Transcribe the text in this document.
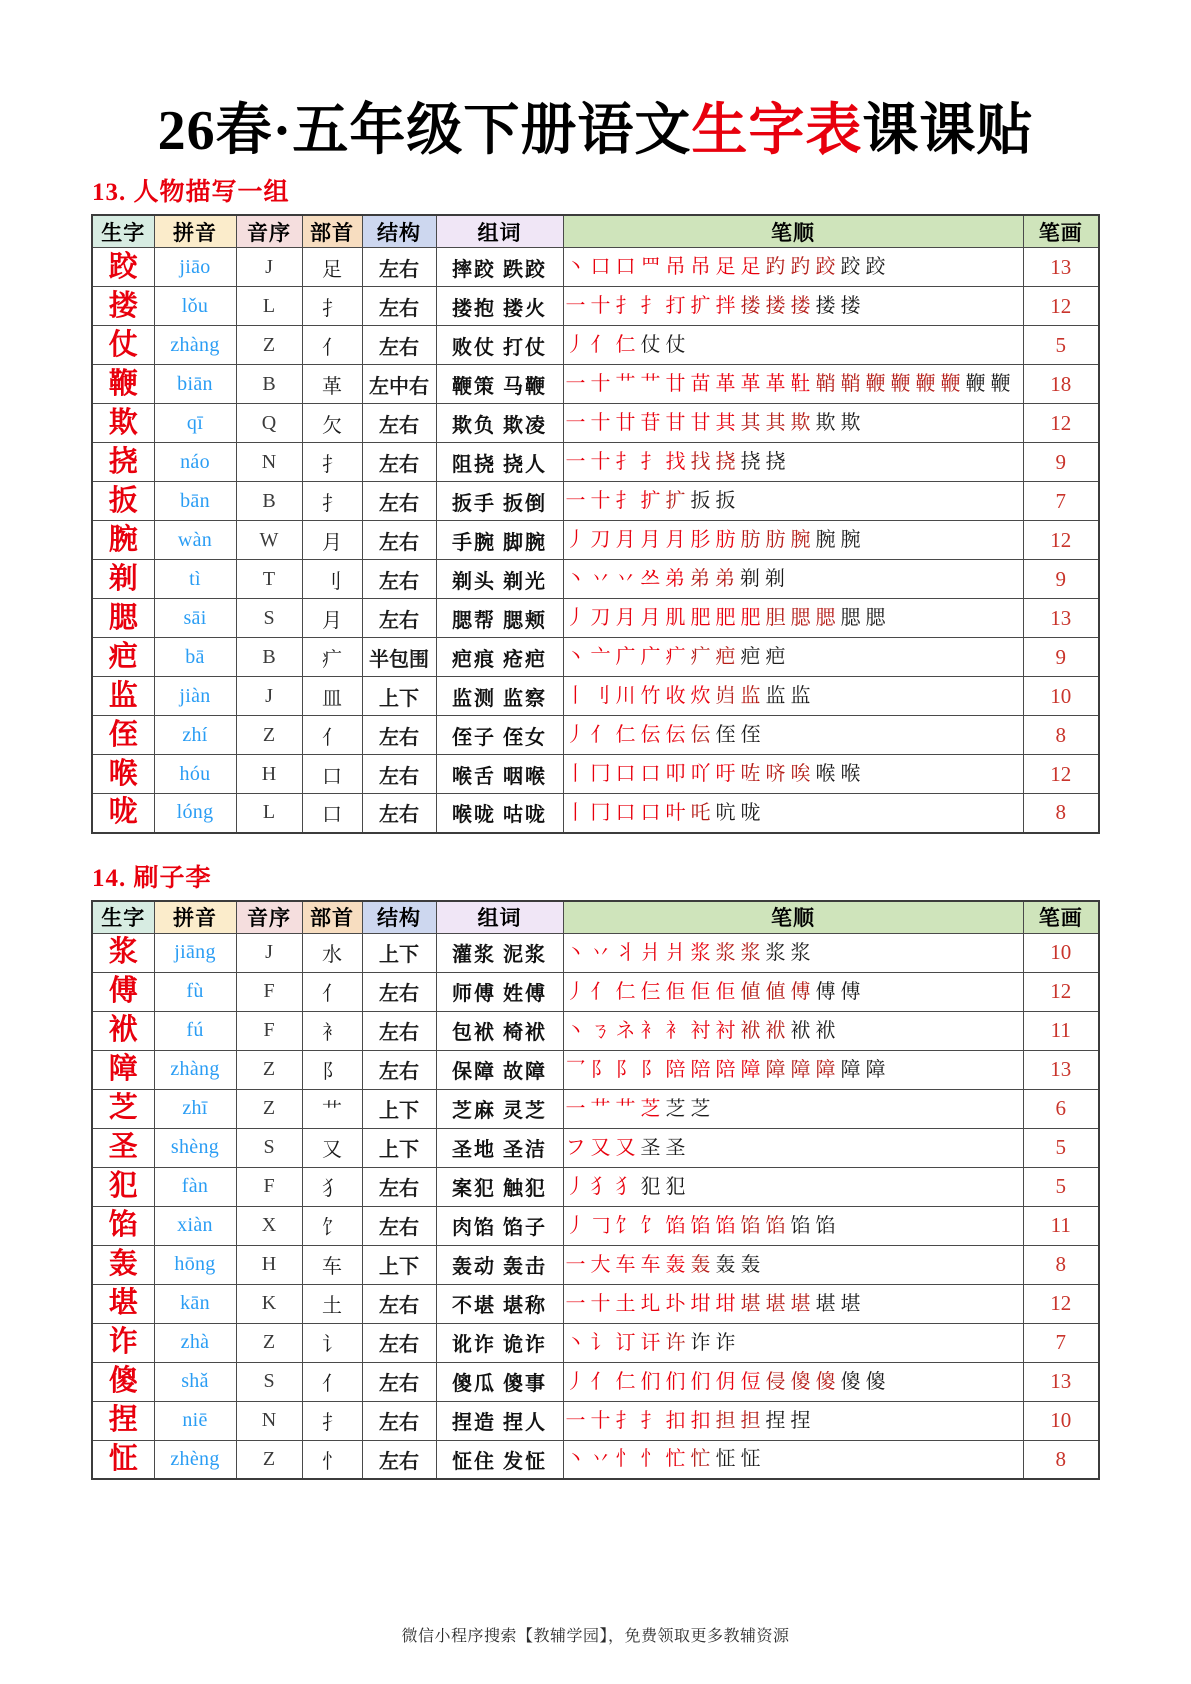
26春·五年级下册语文生字表课课贴
13. 人物描写一组
生字	拼音	音序	部首	结构	组词	笔顺	笔画
跤	jiāo	J	足	左右	摔跤 跌跤	丶 口 口 罒 吊 吊 足 足 趵 趵 跤 跤 跤	13
搂	lǒu	L	扌	左右	搂抱 搂火	一 十 扌 扌 打 扩 拌 搂 搂 搂 搂 搂	12
仗	zhàng	Z	亻	左右	败仗 打仗	丿 亻 仁 仗 仗	5
鞭	biān	B	革	左中右	鞭策 马鞭	一 十 艹 艹 廿 苗 革 革 革 靯 鞘 鞘 鞭 鞭 鞭 鞭 鞭 鞭	18
欺	qī	Q	欠	左右	欺负 欺凌	一 十 廿 苷 甘 甘 其 其 其 欺 欺 欺	12
挠	náo	N	扌	左右	阻挠 挠人	一 十 扌 扌 找 找 挠 挠 挠	9
扳	bān	B	扌	左右	扳手 扳倒	一 十 扌 扩 扩 扳 扳	7
腕	wàn	W	月	左右	手腕 脚腕	丿 刀 月 月 月 肜 肪 肪 肪 腕 腕 腕	12
剃	tì	T	刂	左右	剃头 剃光	丶 丷 丷 쓰 弟 弟 弟 剃 剃	9
腮	sāi	S	月	左右	腮帮 腮颊	丿 刀 月 月 肌 肥 肥 肥 胆 腮 腮 腮 腮	13
疤	bā	B	疒	半包围	疤痕 疮疤	丶 亠 广 广 疒 疒 疤 疤 疤	9
监	jiàn	J	皿	上下	监测 监察	丨 刂 川 竹 收 炊 岿 监 监 监	10
侄	zhí	Z	亻	左右	侄子 侄女	丿 亻 仁 伝 伝 伝 侄 侄	8
喉	hóu	H	口	左右	喉舌 咽喉	丨 冂 口 口 叩 吖 吁 咗 哜 唉 喉 喉	12
咙	lóng	L	口	左右	喉咙 咕咙	丨 冂 口 口 叶 吒 吭 咙	8
14. 刷子李
生字	拼音	音序	部首	结构	组词	笔顺	笔画
浆	jiāng	J	水	上下	灌浆 泥浆	丶 丷 丬 爿 爿 浆 浆 浆 浆 浆	10
傅	fù	F	亻	左右	师傅 姓傅	丿 亻 仁 仨 佢 佢 佢 値 値 傅 傅 傅	12
袱	fú	F	衤	左右	包袱 椅袱	丶 ㄋ ネ 衤 衤 衬 衬 袱 袱 袱 袱	11
障	zhàng	Z	阝	左右	保障 故障	乛 阝 阝 阝 陪 陪 陪 障 障 障 障 障 障	13
芝	zhī	Z	艹	上下	芝麻 灵芝	一 艹 艹 芝 芝 芝	6
圣	shèng	S	又	上下	圣地 圣洁	フ 又 又 圣 圣	5
犯	fàn	F	犭	左右	案犯 触犯	丿 犭 犭 犯 犯	5
馅	xiàn	X	饣	左右	肉馅 馅子	丿 𠃌 饣 饣 馅 馅 馅 馅 馅 馅 馅	11
轰	hōng	H	车	上下	轰动 轰击	一 大 车 车 轰 轰 轰 轰	8
堪	kān	K	土	左右	不堪 堪称	一 十 土 圠 圤 坩 坩 堪 堪 堪 堪 堪	12
诈	zhà	Z	讠	左右	讹诈 诡诈	丶 讠 订 讦 许 诈 诈	7
傻	shǎ	S	亻	左右	傻瓜 傻事	丿 亻 仁 们 们 们 仴 侸 侵 傻 傻 傻 傻	13
捏	niē	N	扌	左右	捏造 捏人	一 十 扌 扌 扣 扣 担 担 捏 捏	10
怔	zhèng	Z	忄	左右	怔住 发怔	丶 丷 忄 忄 忙 忙 怔 怔	8
微信小程序搜索【教辅学园】，免费领取更多教辅资源
